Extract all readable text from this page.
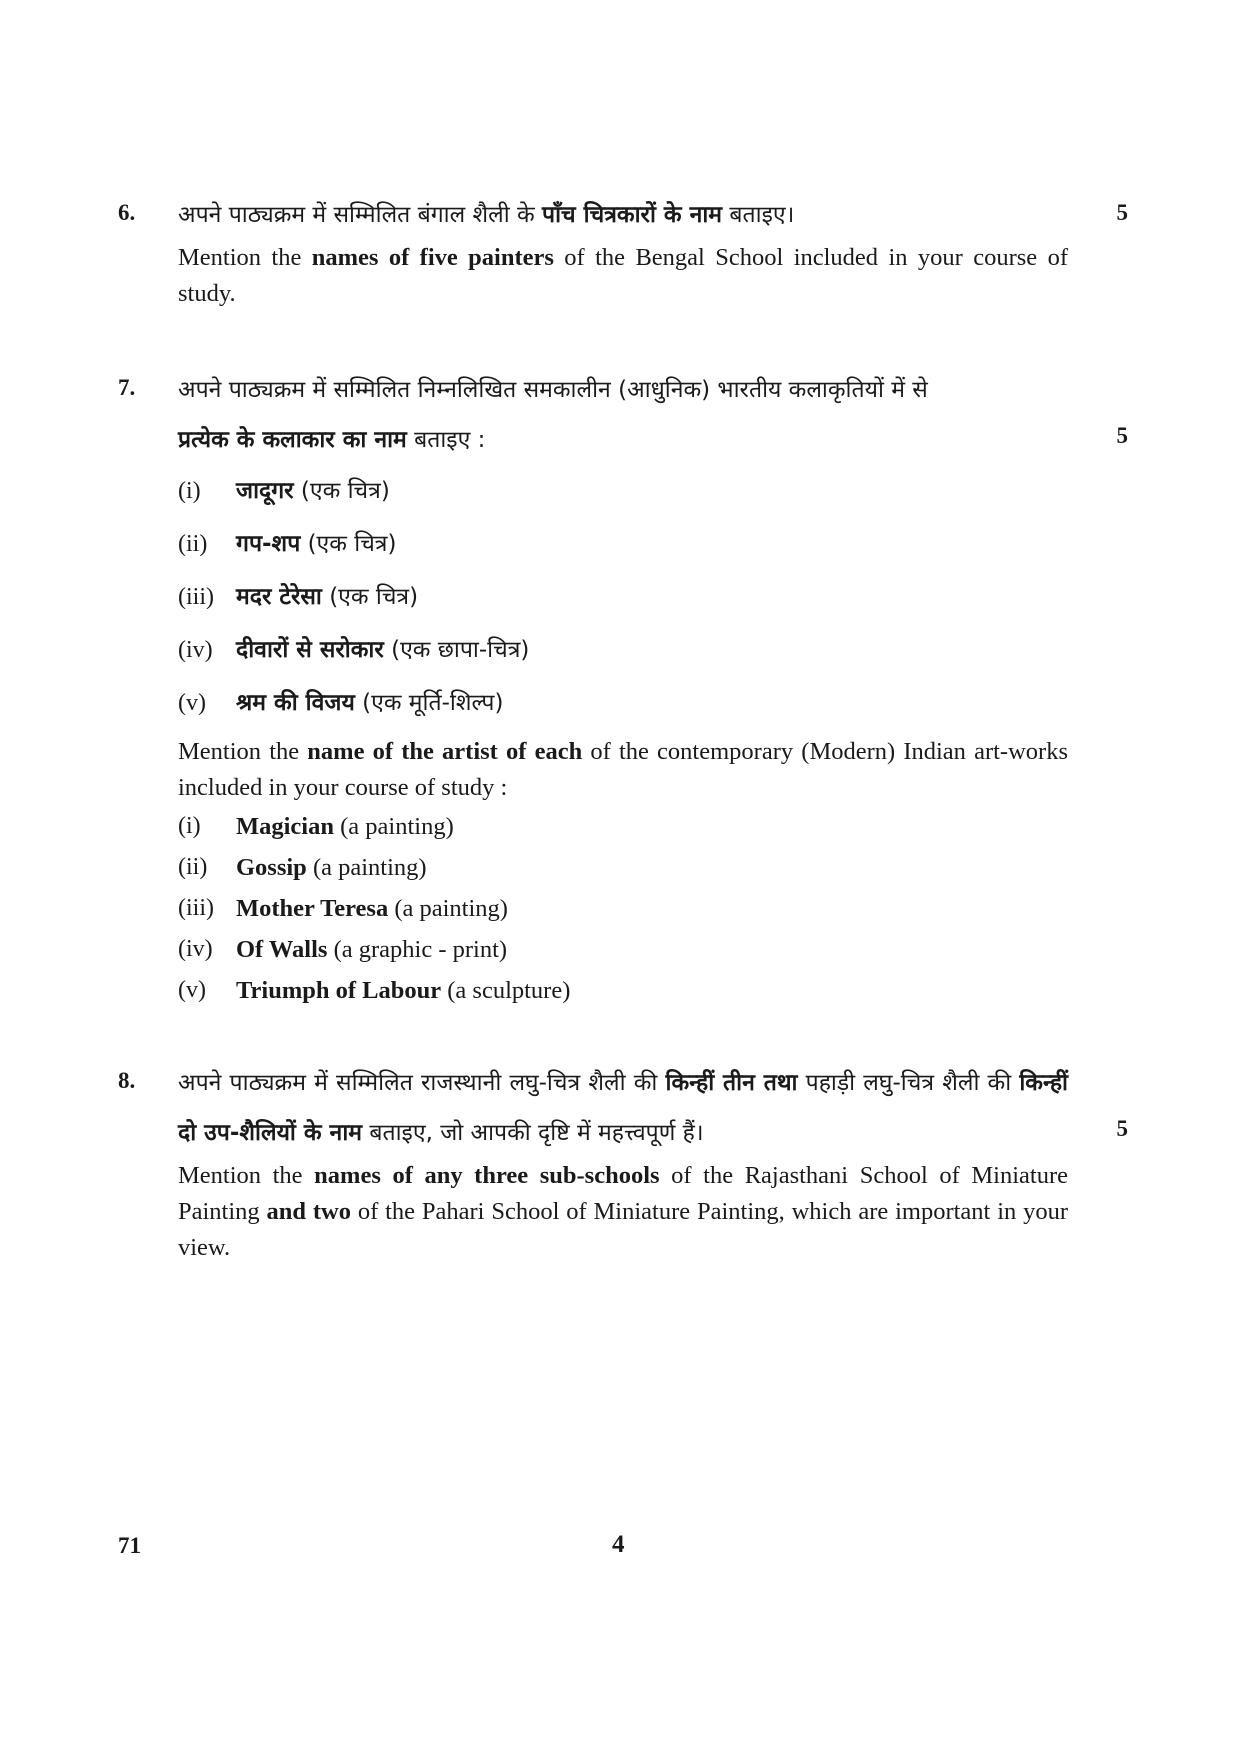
6.	5
अपने पाठ्यक्रम में सम्मिलित बंगाल शैली के पाँच चित्रकारों के नाम बताइए।
Mention the names of five painters of the Bengal School included in your course of study.
7.
5
अपने पाठ्यक्रम में सम्मिलित निम्नलिखित समकालीन (आधुनिक) भारतीय कलाकृतियों में से
प्रत्येक के कलाकार का नाम बताइए :
(i)	जादूगर (एक चित्र)
(ii)	गप-शप (एक चित्र)
(iii) मदर टेरेसा (एक चित्र)
(iv)	दीवारों से सरोकार (एक छापा-चित्र)
(v)	श्रम की विजय (एक मूर्ति-शिल्प)
Mention the name of the artist of each of the contemporary (Modern) Indian art-works included in your course of study :
(i)	Magician (a painting)
(ii)	Gossip (a painting)
(iii) Mother Teresa (a painting)
(iv) Of Walls (a graphic - print)
(v)	Triumph of Labour (a sculpture)
8.
5
अपने पाठ्यक्रम में सम्मिलित राजस्थानी लघु-चित्र शैली की किन्हीं तीन तथा पहाड़ी लघु-चित्र शैली की किन्हीं दो उप-शैलियों के नाम बताइए, जो आपकी दृष्टि में महत्त्वपूर्ण हैं।
Mention the names of any three sub-schools of the Rajasthani School of Miniature Painting and two of the Pahari School of Miniature Painting, which are important in your view.
71	4
